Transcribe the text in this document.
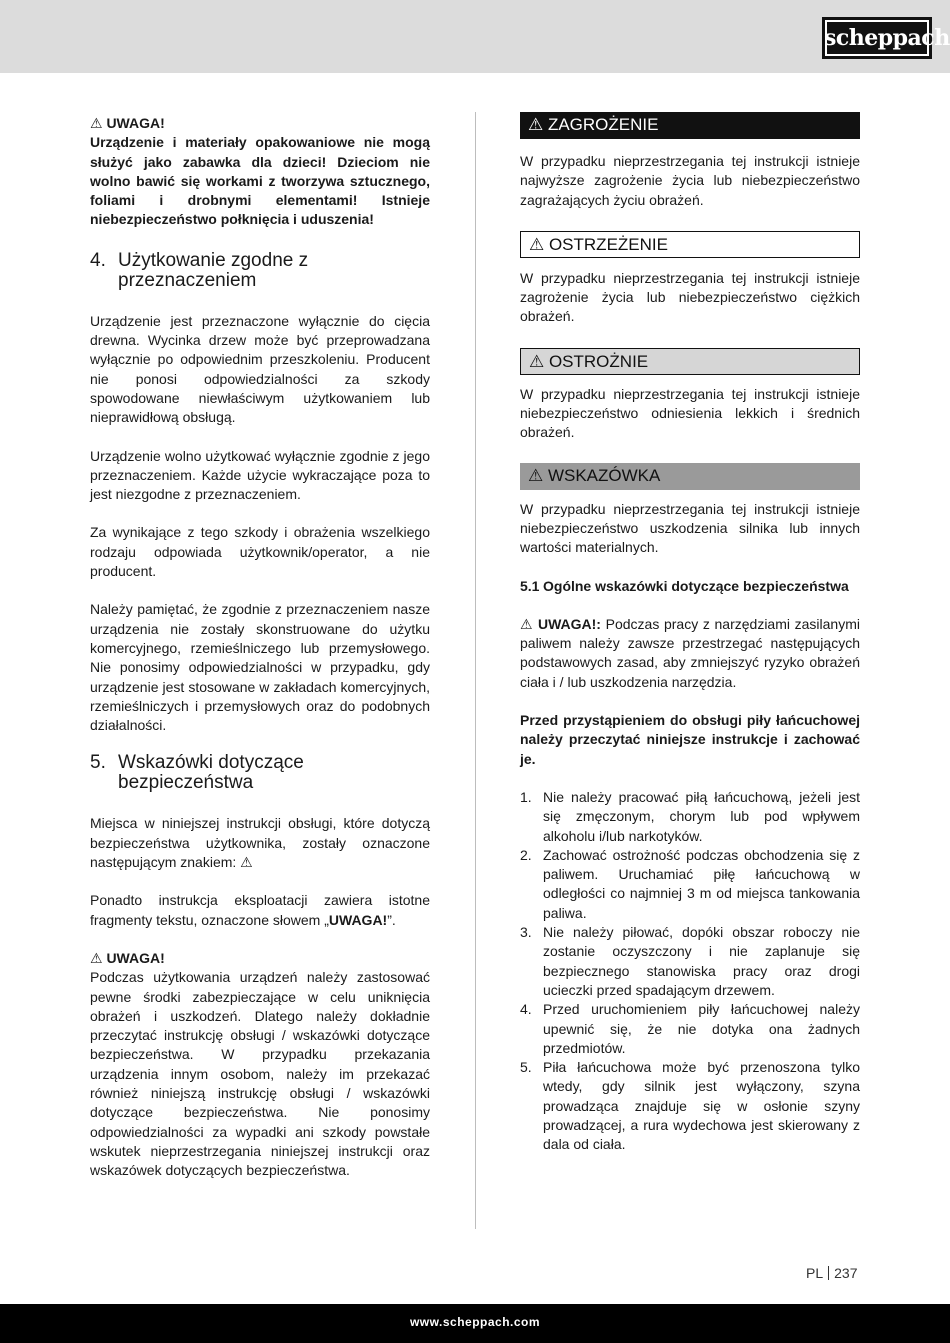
scheppach
⚠ UWAGA!

Urządzenie i materiały opakowaniowe nie mogą służyć jako zabawka dla dzieci! Dzieciom nie wolno bawić się workami z tworzywa sztucznego, foliami i drobnymi elementami! Istnieje niebezpieczeństwo połknięcia i uduszenia!

4. Użytkowanie zgodne z przeznaczeniem

Urządzenie jest przeznaczone wyłącznie do cięcia drewna. Wycinka drzew może być przeprowadzana wyłącznie po odpowiednim przeszkoleniu. Producent nie ponosi odpowiedzialności za szkody spowodowane niewłaściwym użytkowaniem lub nieprawidłową obsługą.

Urządzenie wolno użytkować wyłącznie zgodnie z jego przeznaczeniem. Każde użycie wykraczające poza to jest niezgodne z przeznaczeniem.

Za wynikające z tego szkody i obrażenia wszelkiego rodzaju odpowiada użytkownik/operator, a nie producent.

Należy pamiętać, że zgodnie z przeznaczeniem nasze urządzenia nie zostały skonstruowane do użytku komercyjnego, rzemieślniczego lub przemysłowego. Nie ponosimy odpowiedzialności w przypadku, gdy urządzenie jest stosowane w zakładach komercyjnych, rzemieślniczych i przemysłowych oraz do podobnych działalności.

5. Wskazówki dotyczące bezpieczeństwa

Miejsca w niniejszej instrukcji obsługi, które dotyczą bezpieczeństwa użytkownika, zostały oznaczone następującym znakiem: ⚠

Ponadto instrukcja eksploatacji zawiera istotne fragmenty tekstu, oznaczone słowem „UWAGA!”.

⚠ UWAGA!

Podczas użytkowania urządzeń należy zastosować pewne środki zabezpieczające w celu uniknięcia obrażeń i uszkodzeń. Dlatego należy dokładnie przeczytać instrukcję obsługi / wskazówki dotyczące bezpieczeństwa. W przypadku przekazania urządzenia innym osobom, należy im przekazać również niniejszą instrukcję obsługi / wskazówki dotyczące bezpieczeństwa. Nie ponosimy odpowiedzialności za wypadki ani szkody powstałe wskutek nieprzestrzegania niniejszej instrukcji oraz wskazówek dotyczących bezpieczeństwa.

⚠ ZAGROŻENIE

W przypadku nieprzestrzegania tej instrukcji istnieje najwyższe zagrożenie życia lub niebezpieczeństwo zagrażających życiu obrażeń.

⚠ OSTRZEŻENIE

W przypadku nieprzestrzegania tej instrukcji istnieje zagrożenie życia lub niebezpieczeństwo ciężkich obrażeń.

⚠ OSTROŻNIE

W przypadku nieprzestrzegania tej instrukcji istnieje niebezpieczeństwo odniesienia lekkich i średnich obrażeń.

⚠ WSKAZÓWKA

W przypadku nieprzestrzegania tej instrukcji istnieje niebezpieczeństwo uszkodzenia silnika lub innych wartości materialnych.

5.1 Ogólne wskazówki dotyczące bezpieczeństwa

⚠ UWAGA!: Podczas pracy z narzędziami zasilanymi paliwem należy zawsze przestrzegać następujących podstawowych zasad, aby zmniejszyć ryzyko obrażeń ciała i / lub uszkodzenia narzędzia.

Przed przystąpieniem do obsługi piły łańcuchowej należy przeczytać niniejsze instrukcje i zachować je.

1. Nie należy pracować piłą łańcuchową, jeżeli jest się zmęczonym, chorym lub pod wpływem alkoholu i/lub narkotyków.

2. Zachować ostrożność podczas obchodzenia się z paliwem. Uruchamiać piłę łańcuchową w odległości co najmniej 3 m od miejsca tankowania paliwa.

3. Nie należy piłować, dopóki obszar roboczy nie zostanie oczyszczony i nie zaplanuje się bezpiecznego stanowiska pracy oraz drogi ucieczki przed spadającym drzewem.

4. Przed uruchomieniem piły łańcuchowej należy upewnić się, że nie dotyka ona żadnych przedmiotów.

5. Piła łańcuchowa może być przenoszona tylko wtedy, gdy silnik jest wyłączony, szyna prowadząca znajduje się w osłonie szyny prowadzącej, a rura wydechowa jest skierowany z dala od ciała.

PL 237
www.scheppach.com
